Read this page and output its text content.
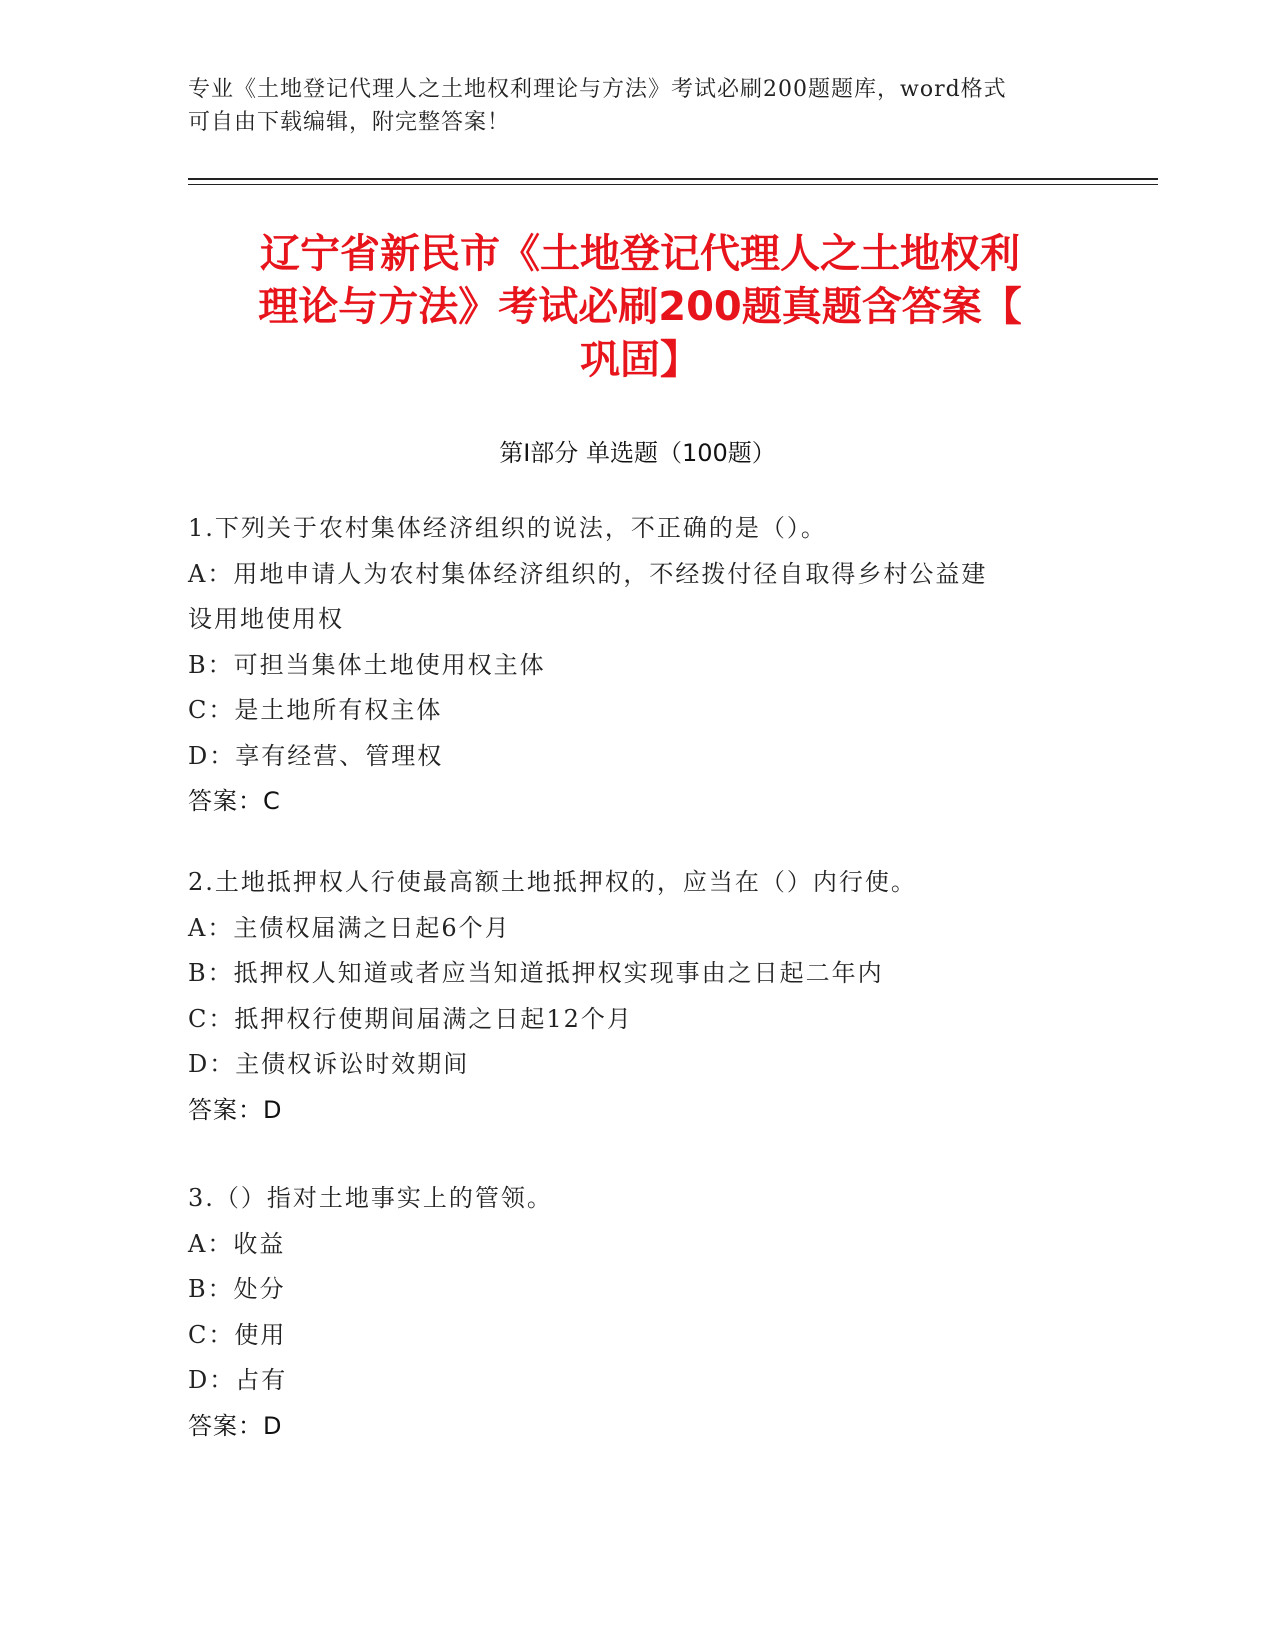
专业《土地登记代理人之土地权利理论与方法》考试必刷200题题库，word格式
可自由下载编辑，附完整答案！
辽宁省新民市《土地登记代理人之土地权利
理论与方法》考试必刷200题真题含答案【
巩固】
第Ⅰ部分 单选题（100题）
1.下列关于农村集体经济组织的说法，不正确的是（）。
A：用地申请人为农村集体经济组织的，不经拨付径自取得乡村公益建
设用地使用权
B：可担当集体土地使用权主体
C：是土地所有权主体
D：享有经营、管理权
答案：C
2.土地抵押权人行使最高额土地抵押权的，应当在（）内行使。
A：主债权届满之日起6个月
B：抵押权人知道或者应当知道抵押权实现事由之日起二年内
C：抵押权行使期间届满之日起12个月
D：主债权诉讼时效期间
答案：D
3.（）指对土地事实上的管领。
A：收益
B：处分
C：使用
D：占有
答案：D
